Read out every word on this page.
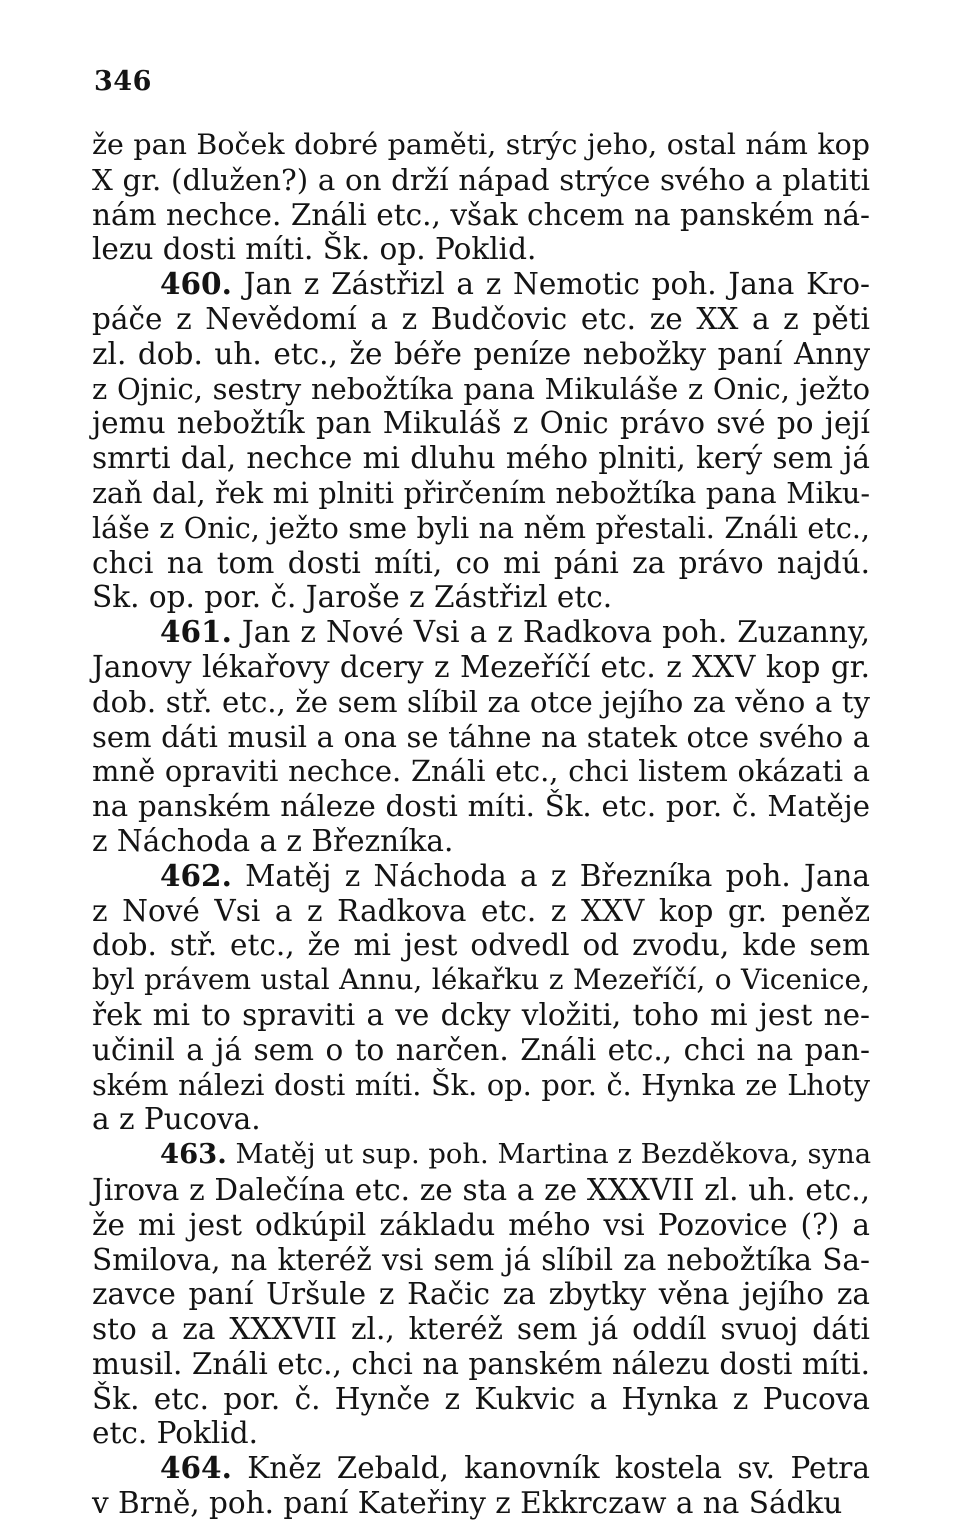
346

že pan Boček dobré paměti, strýc jeho, ostal nám kop
X gr. (dlužen?) a on drží nápad strýce svého a platiti
nám nechce. Ználi etc., však chcem na panském ná-
lezu dosti míti. Šk. op. Poklid.

460. Jan z Zástřizl a z Nemotic poh. Jana Kro-
páče z Nevědomí a z Budčovic etc. ze XX a z pěti
zl. dob. uh. etc., že béře peníze nebožky paní Anny
z Ojnic, sestry nebožtíka pana Mikuláše z Onic, ježto
jemu nebožtík pan Mikuláš z Onic právo své po její
smrti dal, nechce mi dluhu mého plniti, kerý sem já
zaň dal, řek mi plniti přirčením nebožtíka pana Miku-
láše z Onic, ježto sme byli na něm přestali. Ználi etc.,
chci na tom dosti míti, co mi páni za právo najdú.
Sk. op. por. č. Jaroše z Zástřizl etc.

461. Jan z Nové Vsi a z Radkova poh. Zuzanny,
Janovy lékařovy dcery z Mezeříčí etc. z XXV kop gr.
dob. stř. etc., že sem slíbil za otce jejího za věno a ty
sem dáti musil a ona se táhne na statek otce svého a
mně opraviti nechce. Ználi etc., chci listem okázati a
na panském náleze dosti míti. Šk. etc. por. č. Matěje
z Náchoda a z Březníka.

462. Matěj z Náchoda a z Březníka poh. Jana
z Nové Vsi a z Radkova etc. z XXV kop gr. peněz
dob. stř. etc., že mi jest odvedl od zvodu, kde sem
byl právem ustal Annu, lékařku z Mezeříčí, o Vicenice,
řek mi to spraviti a ve dcky vložiti, toho mi jest ne-
učinil a já sem o to narčen. Ználi etc., chci na pan-
ském nálezi dosti míti. Šk. op. por. č. Hynka ze Lhoty
a z Pucova.

463. Matěj ut sup. poh. Martina z Bezděkova, syna
Jirova z Dalečína etc. ze sta a ze XXXVII zl. uh. etc.,
že mi jest odkúpil základu mého vsi Pozovice (?) a
Smilova, na kteréž vsi sem já slíbil za nebožtíka Sa-
zavce paní Uršule z Račic za zbytky věna jejího za
sto a za XXXVII zl., kteréž sem já oddíl svuoj dáti
musil. Ználi etc., chci na panském nálezu dosti míti.
Šk. etc. por. č. Hynče z Kukvic a Hynka z Pucova
etc. Poklid.

464. Kněz Zebald, kanovník kostela sv. Petra
v Brně, poh. paní Kateřiny z Ekkrczaw a na Sádku
